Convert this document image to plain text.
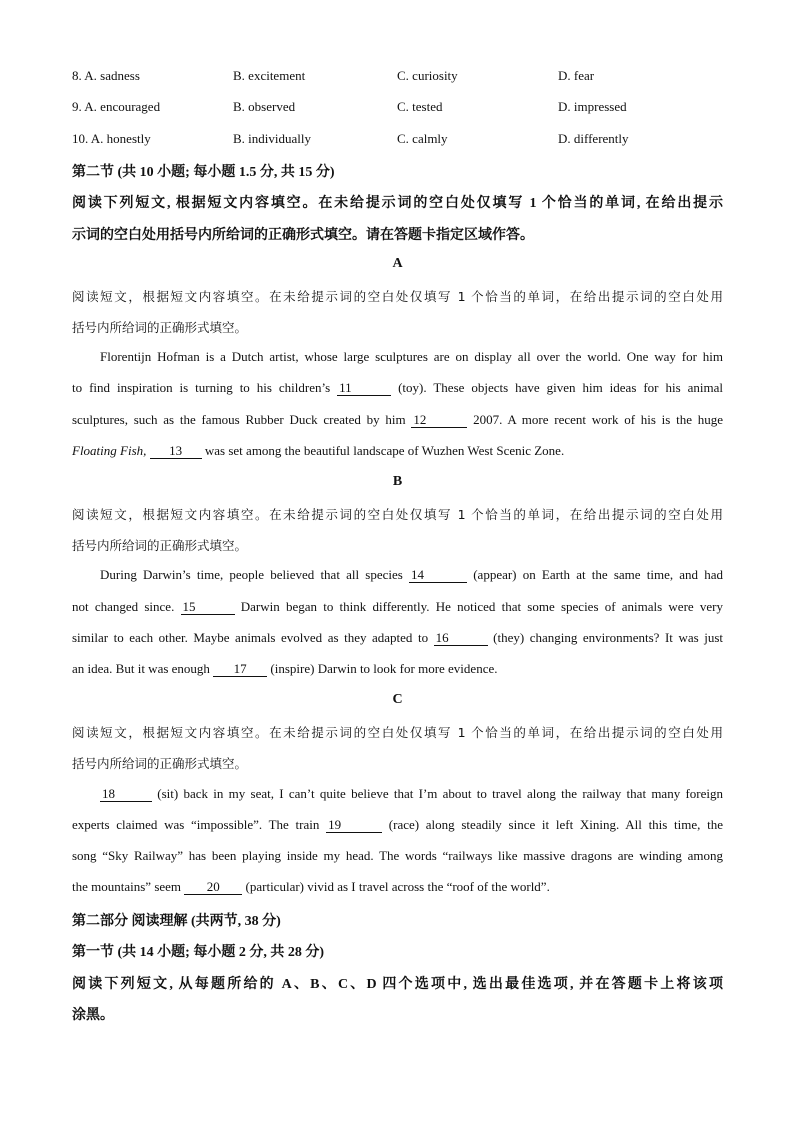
8. A. sadness	B. excitement	C. curiosity	D. fear
9. A. encouraged	B. observed	C. tested	D. impressed
10. A. honestly	B. individually	C. calmly	D. differently
第二节 (共 10 小题; 每小题 1.5 分, 共 15 分)
阅读下列短文, 根据短文内容填空。在未给提示词的空白处仅填写 1 个恰当的单词, 在给出提示
示词的空白处用括号内所给词的正确形式填空。请在答题卡指定区域作答。
A
阅读短文，根据短文内容填空。在未给提示词的空白处仅填写 1 个恰当的单词，在给出提示词的空白处用
括号内所给词的正确形式填空。
Florentijn Hofman is a Dutch artist, whose large sculptures are on display all over the world. One way for him
to find inspiration is turning to his children’s 11	(toy). These objects have given him ideas for his animal
sculptures, such as the famous Rubber Duck created by him 12	2007. A more recent work of his is the huge
Floating Fish, 13 was set among the beautiful landscape of Wuzhen West Scenic Zone.
B
阅读短文，根据短文内容填空。在未给提示词的空白处仅填写 1 个恰当的单词，在给出提示词的空白处用
括号内所给词的正确形式填空。
During Darwin’s time, people believed that all species 14	(appear) on Earth at the same time, and had
not changed since. 15	Darwin began to think differently. He noticed that some species of animals were very
similar to each other. Maybe animals evolved as they adapted to 16	(they) changing environments? It was just
an idea. But it was enough 17 (inspire) Darwin to look for more evidence.
C
阅读短文，根据短文内容填空。在未给提示词的空白处仅填写 1 个恰当的单词，在给出提示词的空白处用
括号内所给词的正确形式填空。
18	(sit) back in my seat, I can’t quite believe that I’m about to travel along the railway that many foreign
experts claimed was “impossible”. The train 19	(race) along steadily since it left Xining. All this time, the
song “Sky Railway” has been playing inside my head. The words “railways like massive dragons are winding among
the mountains” seem 20 (particular) vivid as I travel across the “roof of the world”.
第二部分 阅读理解 (共两节, 38 分)
第一节 (共 14 小题; 每小题 2 分, 共 28 分)
阅读下列短文, 从每题所给的 A、B、C、D 四个选项中, 选出最佳选项, 并在答题卡上将该项
涂黑。
